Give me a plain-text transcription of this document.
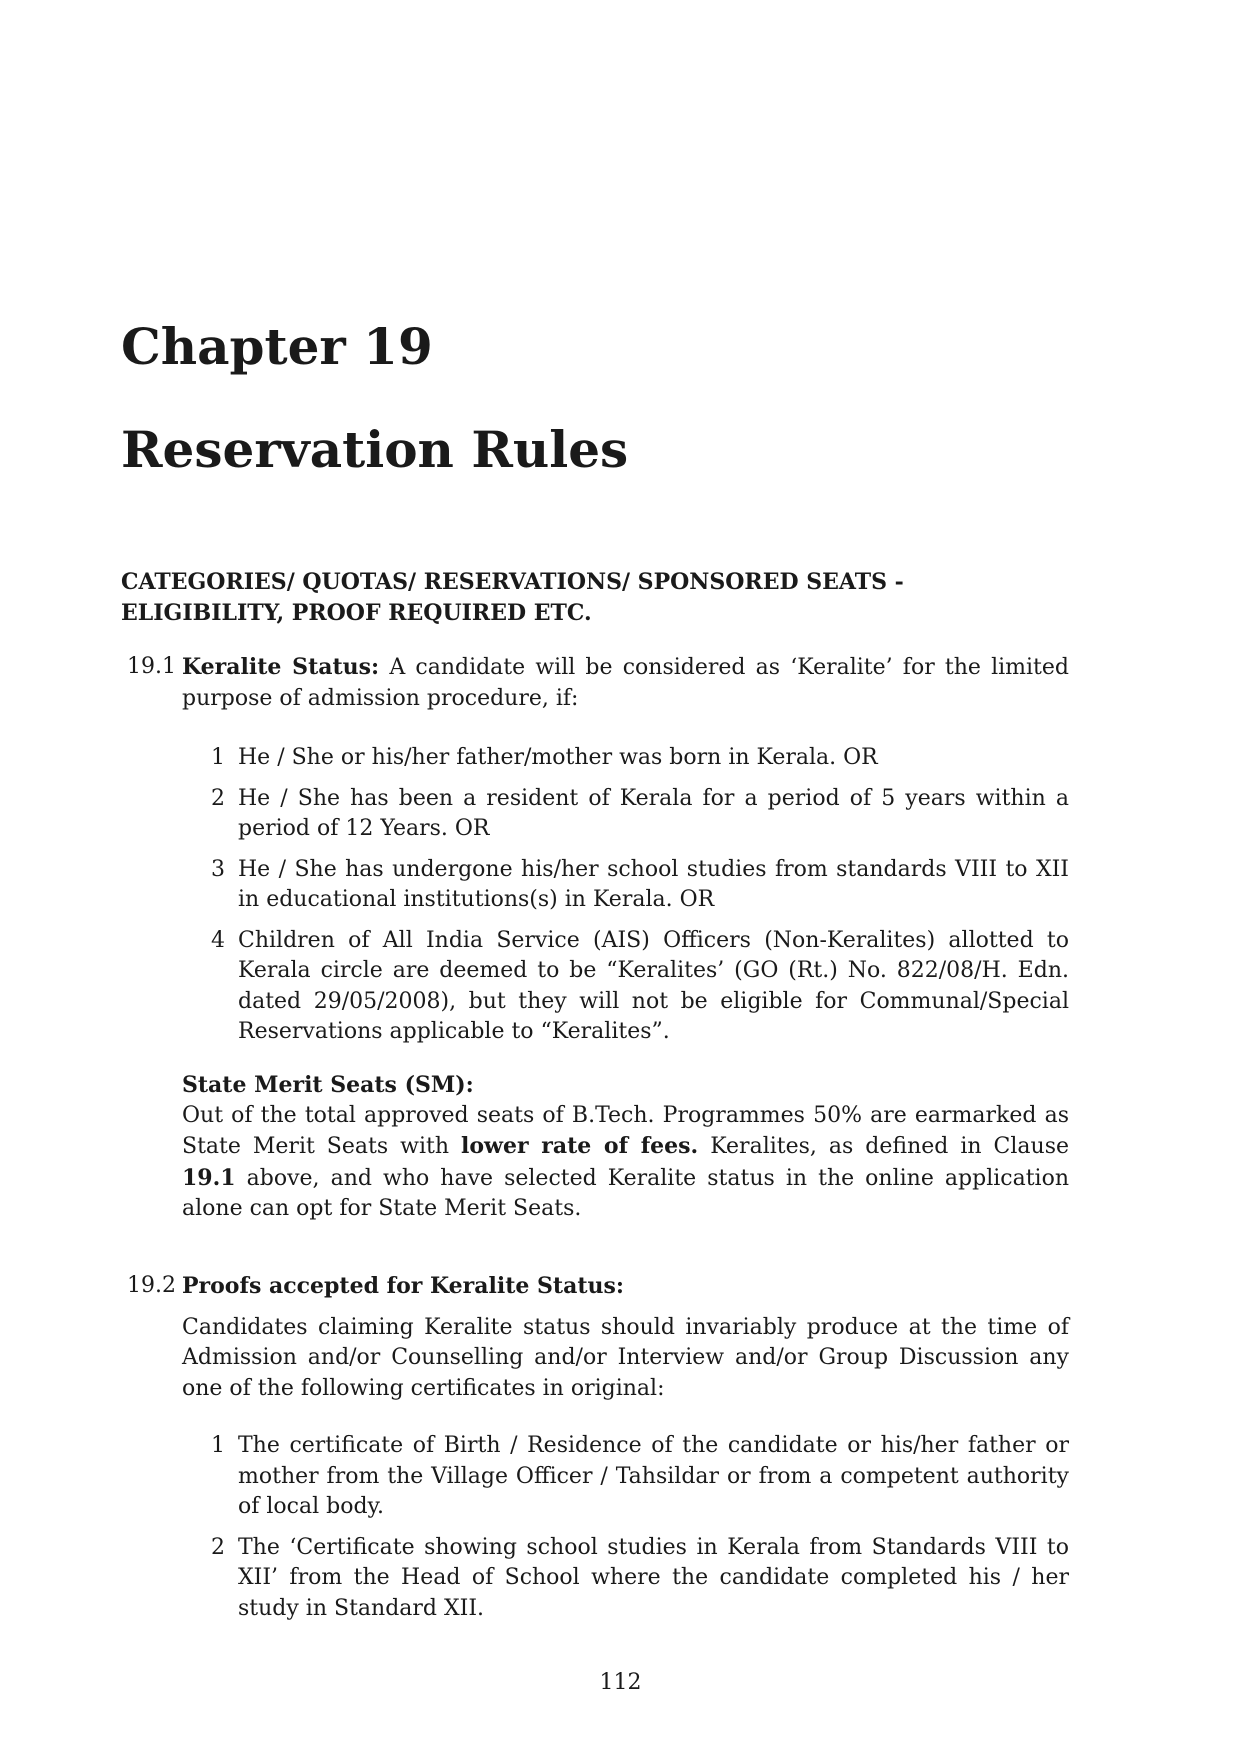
Chapter 19
Reservation Rules
CATEGORIES/ QUOTAS/ RESERVATIONS/ SPONSORED SEATS - ELIGIBILITY, PROOF REQUIRED ETC.
19.1 Keralite Status: A candidate will be considered as ‘Keralite’ for the limited purpose of admission procedure, if:
1 He / She or his/her father/mother was born in Kerala. OR
2 He / She has been a resident of Kerala for a period of 5 years within a period of 12 Years. OR
3 He / She has undergone his/her school studies from standards VIII to XII in educational institutions(s) in Kerala. OR
4 Children of All India Service (AIS) Officers (Non-Keralites) allotted to Kerala circle are deemed to be “Keralites’ (GO (Rt.) No. 822/08/H. Edn. dated 29/05/2008), but they will not be eligible for Communal/Special Reservations applicable to “Keralites”.
State Merit Seats (SM):
Out of the total approved seats of B.Tech. Programmes 50% are earmarked as State Merit Seats with lower rate of fees. Keralites, as defined in Clause 19.1 above, and who have selected Keralite status in the online application alone can opt for State Merit Seats.
19.2 Proofs accepted for Keralite Status:
Candidates claiming Keralite status should invariably produce at the time of Admission and/or Counselling and/or Interview and/or Group Discussion any one of the following certificates in original:
1 The certificate of Birth / Residence of the candidate or his/her father or mother from the Village Officer / Tahsildar or from a competent authority of local body.
2 The ‘Certificate showing school studies in Kerala from Standards VIII to XII’ from the Head of School where the candidate completed his / her study in Standard XII.
112
